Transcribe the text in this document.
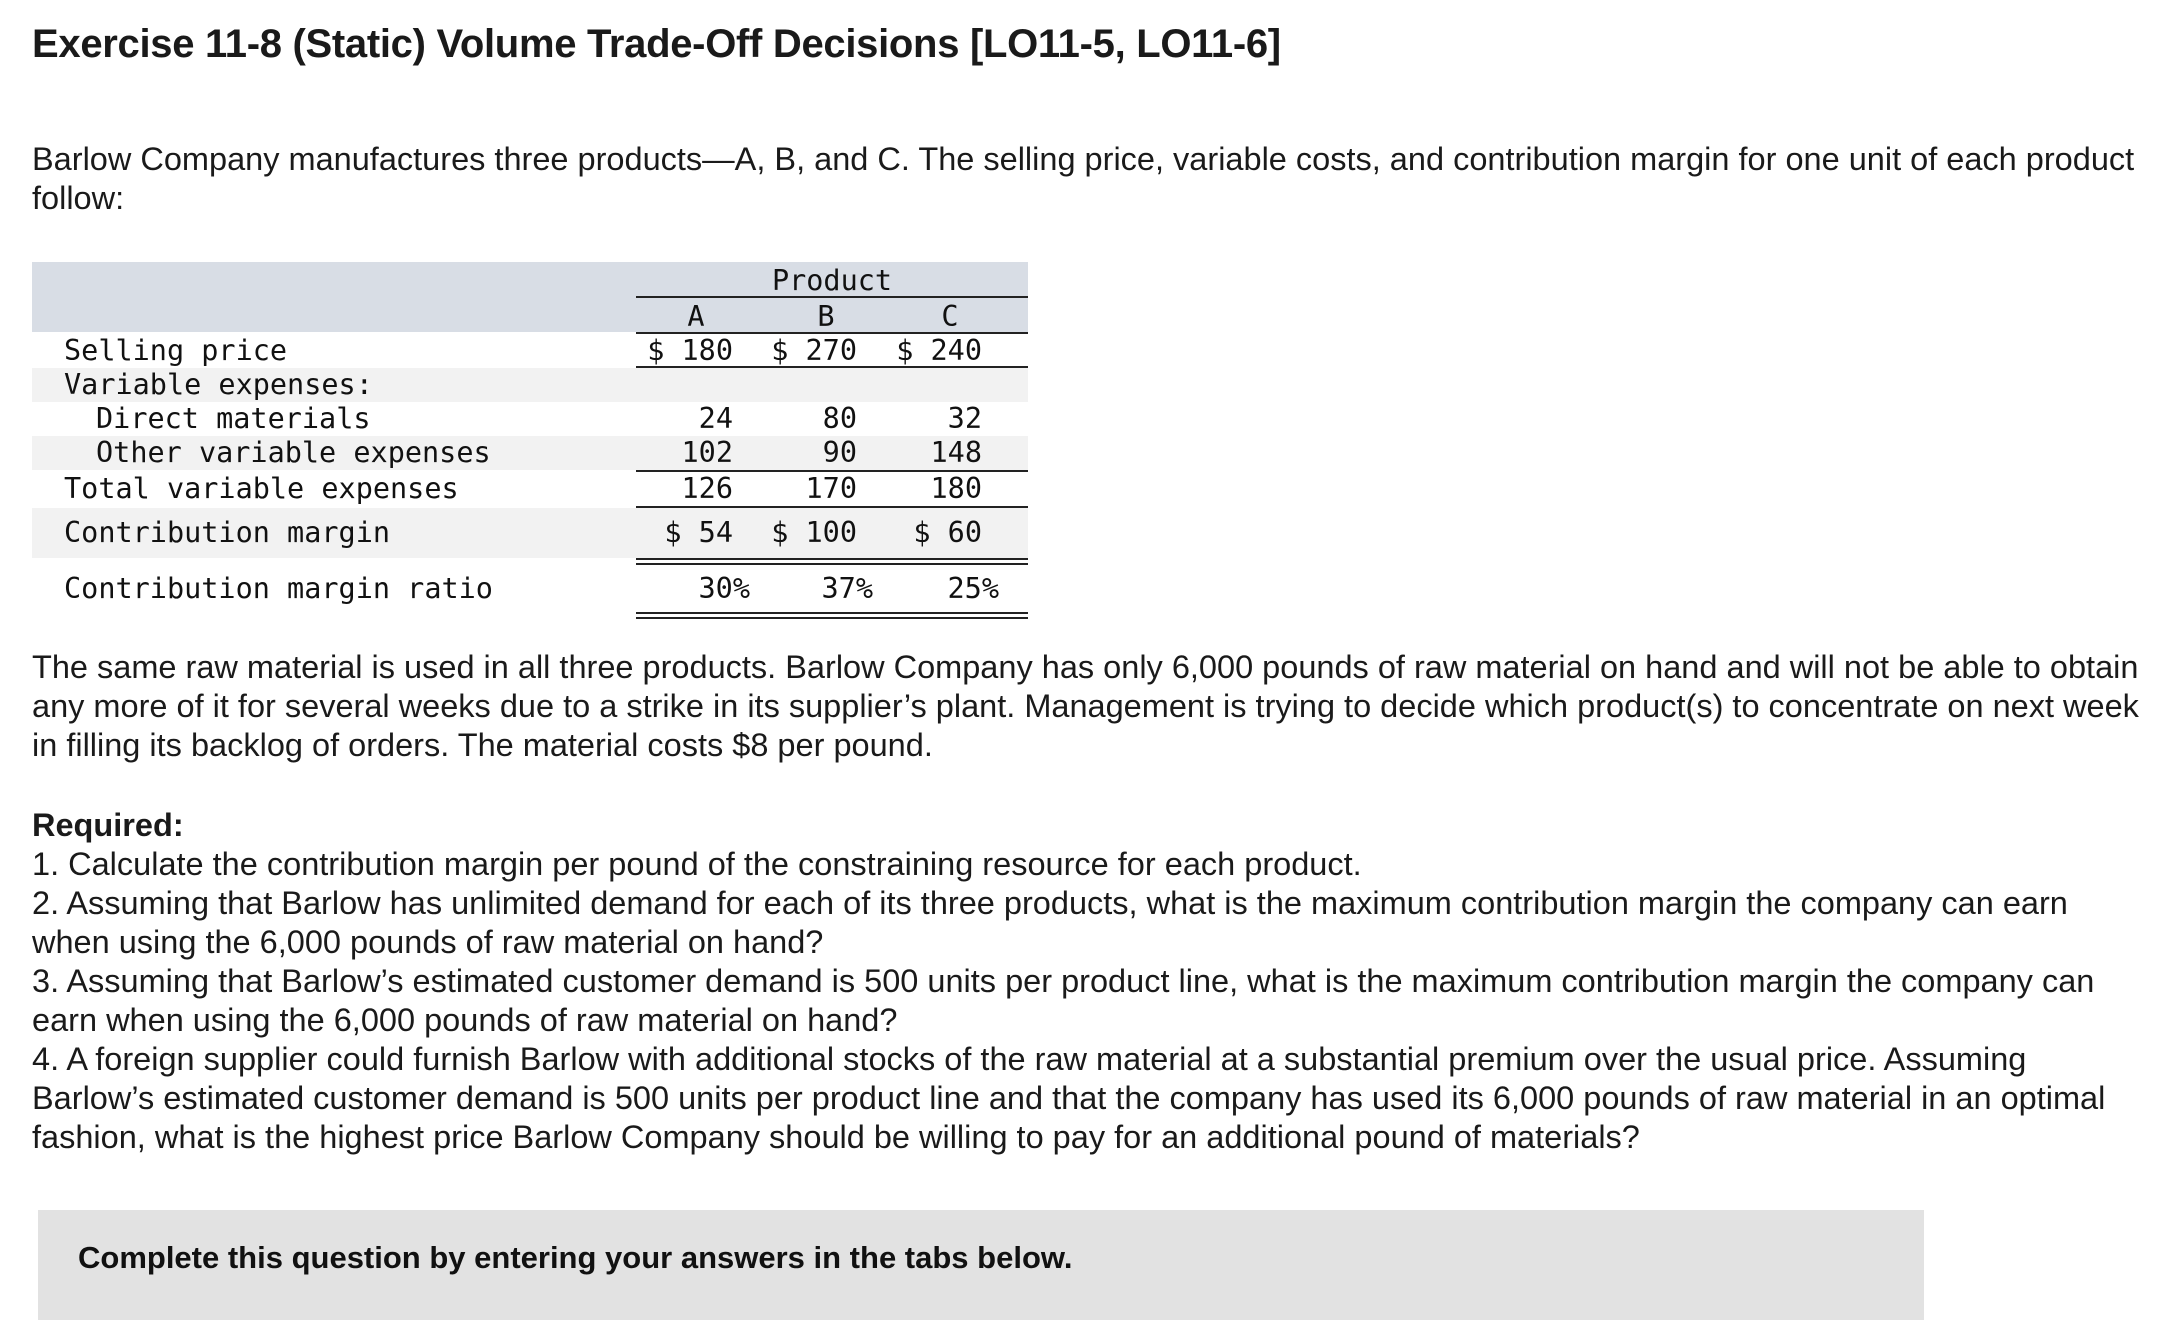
Exercise 11-8 (Static) Volume Trade-Off Decisions [LO11-5, LO11-6]

Barlow Company manufactures three products—A, B, and C. The selling price, variable costs, and contribution margin for one unit of each product follow:

Product
A	B	C
Selling price	$ 180	$ 270	$ 240
Variable expenses:
Direct materials	24	80	32
Other variable expenses	102	90	148
Total variable expenses	126	170	180
Contribution margin	$ 54	$ 100	$ 60
Contribution margin ratio	30%	37%	25%

The same raw material is used in all three products. Barlow Company has only 6,000 pounds of raw material on hand and will not be able to obtain any more of it for several weeks due to a strike in its supplier’s plant. Management is trying to decide which product(s) to concentrate on next week in filling its backlog of orders. The material costs $8 per pound.

Required:

1. Calculate the contribution margin per pound of the constraining resource for each product.

2. Assuming that Barlow has unlimited demand for each of its three products, what is the maximum contribution margin the company can earn when using the 6,000 pounds of raw material on hand?

3. Assuming that Barlow’s estimated customer demand is 500 units per product line, what is the maximum contribution margin the company can earn when using the 6,000 pounds of raw material on hand?

4. A foreign supplier could furnish Barlow with additional stocks of the raw material at a substantial premium over the usual price. Assuming Barlow’s estimated customer demand is 500 units per product line and that the company has used its 6,000 pounds of raw material in an optimal fashion, what is the highest price Barlow Company should be willing to pay for an additional pound of materials?

Complete this question by entering your answers in the tabs below.
